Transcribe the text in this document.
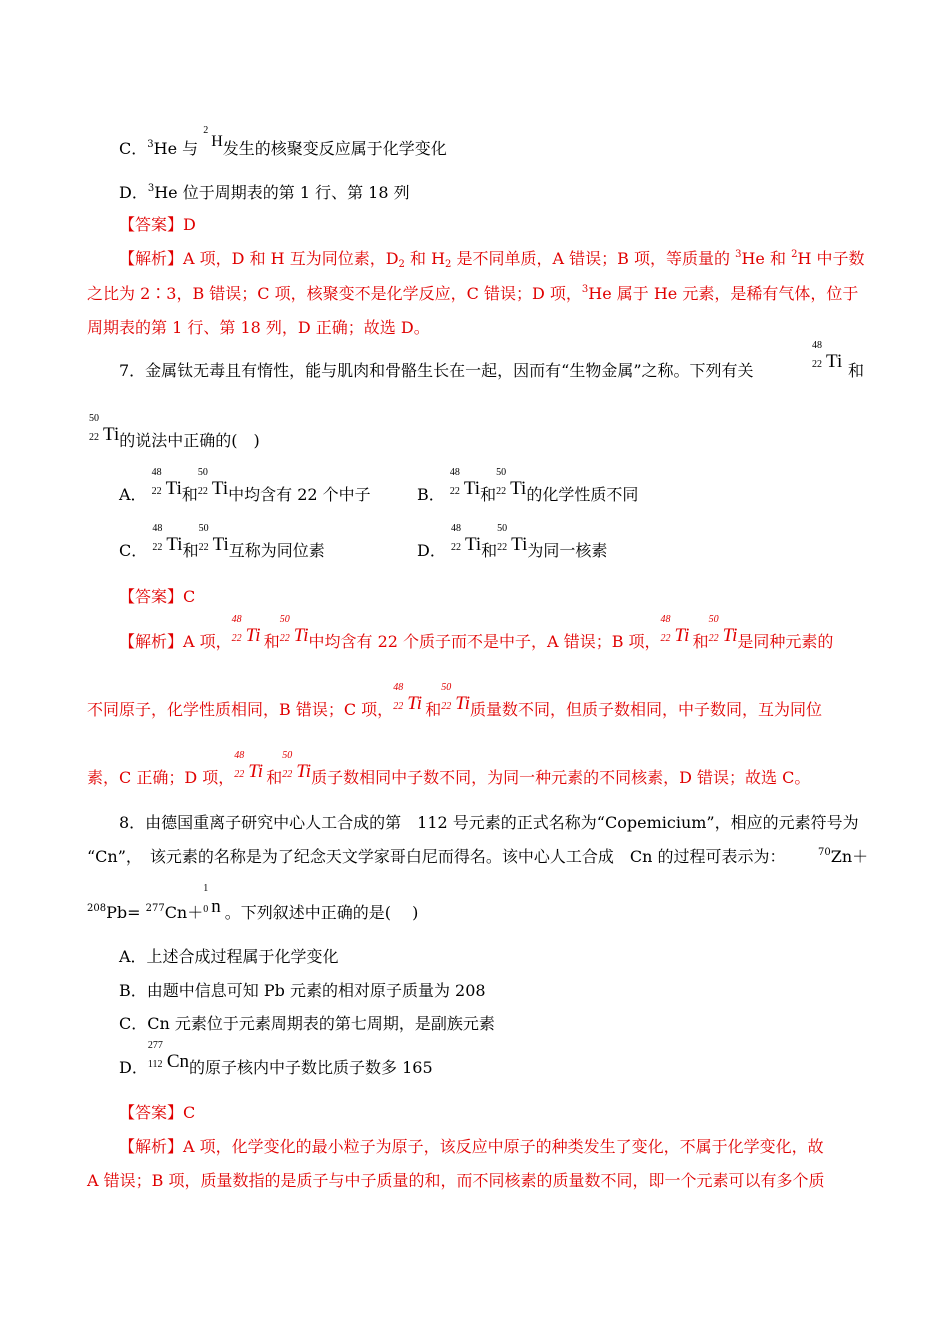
C．$^3$He 与
2
H发生的核聚变反应属于化学变化
D．$^3$He 位于周期表的第 1 行、第 18 列
【答案】D
【解析】A 项，D 和 H 互为同位素，$D_2$ 和 $H_2$ 是不同单质，A 错误；B 项，等质量的 $^3$He 和 $^2$H 中子数
之比为 2∶3，B 错误；C 项，核聚变不是化学反应，C 错误；D 项，$^3$He 属于 He 元素，是稀有气体，位于
周期表的第 1 行、第 18 列，D 正确；故选 D。
7．金属钛无毒且有惰性，能与肌肉和骨骼生长在一起，因而有“生物金属”之称。下列有关
48
22 Ti 和
50
22 Ti的说法中正确的(　)
A．
48
22 Ti和
50
22 Ti中均含有 22 个中子	B．
48
22 Ti和
50
22 Ti的化学性质不同
C．
48
22 Ti和
50
22 Ti互称为同位素	D．
48
22 Ti和
50
22 Ti为同一核素
【答案】C
【解析】A 项，
48
22 Ti  和
50
22 Ti中均含有 22 个质子而不是中子，A 错误；B 项，
48
22 Ti  和
50
22 Ti是同种元素的
不同原子，化学性质相同，B 错误；C 项，
48
22 Ti  和
50
22 Ti质量数不同，但质子数相同，中子数同，互为同位
素，C 正确；D 项，
48
22 Ti  和
50
22 Ti质子数相同中子数不同，为同一种元素的不同核素，D 错误；故选 C。
8．由德国重离子研究中心人工合成的第　112 号元素的正式名称为“Copemicium”，相应的元素符号为
“Cn”，　该元素的名称是为了纪念天文学家哥白尼而得名。该中心人工合成　Cn 的过程可表示为：	$^{70}$Zn＋
$^{208}$Pb= $^{277}$Cn＋
1
0 n 。下列叙述中正确的是(　 )
A．上述合成过程属于化学变化
B．由题中信息可知 Pb 元素的相对原子质量为 208
C．Cn 元素位于元素周期表的第七周期，是副族元素
D．
277
112 Cn的原子核内中子数比质子数多 165
【答案】C
【解析】A 项，化学变化的最小粒子为原子，该反应中原子的种类发生了变化，不属于化学变化，故
A 错误；B 项，质量数指的是质子与中子质量的和，而不同核素的质量数不同，即一个元素可以有多个质
